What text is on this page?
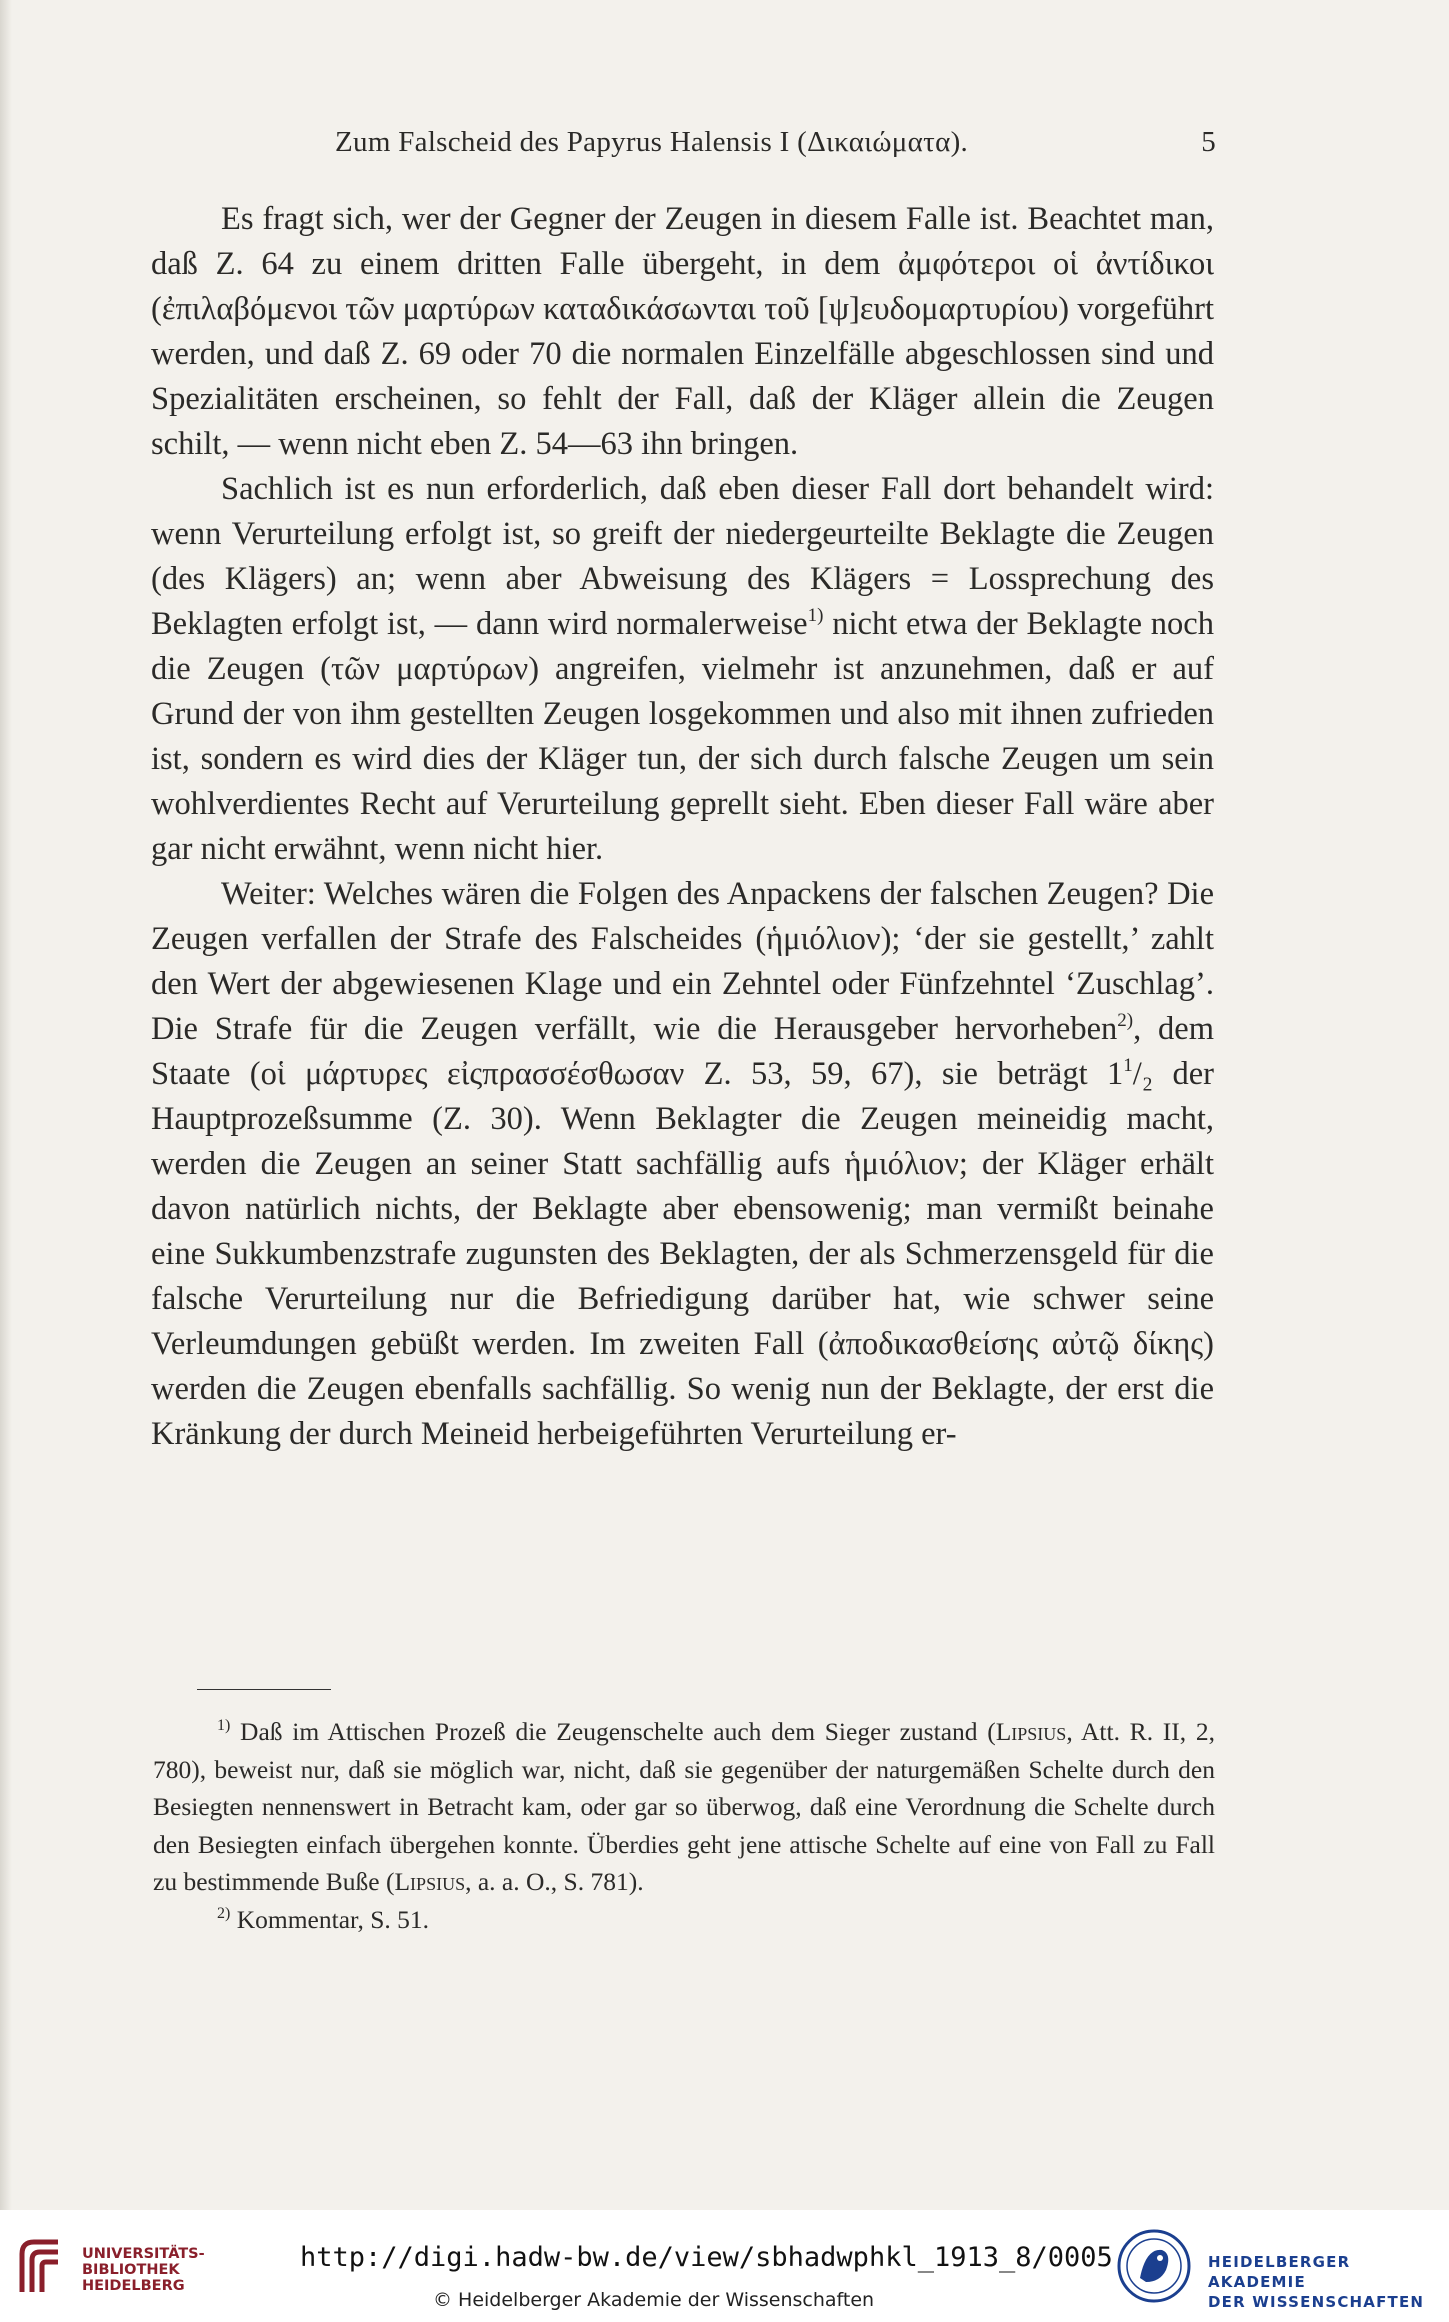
Zum Falscheid des Papyrus Halensis I (Δικαιώματα).	5

Es fragt sich, wer der Gegner der Zeugen in diesem Falle ist. Beachtet man, daß Z. 64 zu einem dritten Falle übergeht, in dem ἀμφότεροι οἱ ἀντίδικοι (ἐπιλαβόμενοι τῶν μαρτύρων καταδικάσωνται τοῦ [ψ]ευδομαρτυρίου) vorgeführt werden, und daß Z. 69 oder 70 die normalen Einzelfälle abgeschlossen sind und Spezialitäten erscheinen, so fehlt der Fall, daß der Kläger allein die Zeugen schilt, — wenn nicht eben Z. 54—63 ihn bringen.

Sachlich ist es nun erforderlich, daß eben dieser Fall dort behandelt wird: wenn Verurteilung erfolgt ist, so greift der niedergeurteilte Beklagte die Zeugen (des Klägers) an; wenn aber Abweisung des Klägers = Lossprechung des Beklagten erfolgt ist, — dann wird normalerweise$^{1)}$ nicht etwa der Beklagte noch die Zeugen (τῶν μαρτύρων) angreifen, vielmehr ist anzunehmen, daß er auf Grund der von ihm gestellten Zeugen losgekommen und also mit ihnen zufrieden ist, sondern es wird dies der Kläger tun, der sich durch falsche Zeugen um sein wohlverdientes Recht auf Verurteilung geprellt sieht. Eben dieser Fall wäre aber gar nicht erwähnt, wenn nicht hier.

Weiter: Welches wären die Folgen des Anpackens der falschen Zeugen? Die Zeugen verfallen der Strafe des Falscheides (ἡμιόλιον); ‘der sie gestellt,’ zahlt den Wert der abgewiesenen Klage und ein Zehntel oder Fünfzehntel ‘Zuschlag’. Die Strafe für die Zeugen verfällt, wie die Herausgeber hervorheben$^{2)}$, dem Staate (οἱ μάρτυρες εἰςπρασσέσθωσαν Z. 53, 59, 67), sie beträgt $1^1/_2$ der Hauptprozeßsumme (Z. 30). Wenn Beklagter die Zeugen meineidig macht, werden die Zeugen an seiner Statt sachfällig aufs ἡμιόλιον; der Kläger erhält davon natürlich nichts, der Beklagte aber ebensowenig; man vermißt beinahe eine Sukkumbenzstrafe zugunsten des Beklagten, der als Schmerzensgeld für die falsche Verurteilung nur die Befriedigung darüber hat, wie schwer seine Verleumdungen gebüßt werden. Im zweiten Fall (ἀποδικασθείσης αὐτῷ δίκης) werden die Zeugen ebenfalls sachfällig. So wenig nun der Beklagte, der erst die Kränkung der durch Meineid herbeigeführten Verurteilung er-

$^{1)}$ Daß im Attischen Prozeß die Zeugenschelte auch dem Sieger zustand (Lipsius, Att. R. II, 2, 780), beweist nur, daß sie möglich war, nicht, daß sie gegenüber der naturgemäßen Schelte durch den Besiegten nennenswert in Betracht kam, oder gar so überwog, daß eine Verordnung die Schelte durch den Besiegten einfach übergehen konnte. Überdies geht jene attische Schelte auf eine von Fall zu Fall zu bestimmende Buße (Lipsius, a. a. O., S. 781).

$^{2)}$ Kommentar, S. 51.

UNIVERSITÄTS-
BIBLIOTHEK
HEIDELBERG
http://digi.hadw-bw.de/view/sbhadwphkl_1913_8/0005
© Heidelberger Akademie der Wissenschaften
HEIDELBERGER AKADEMIE
DER WISSENSCHAFTEN
